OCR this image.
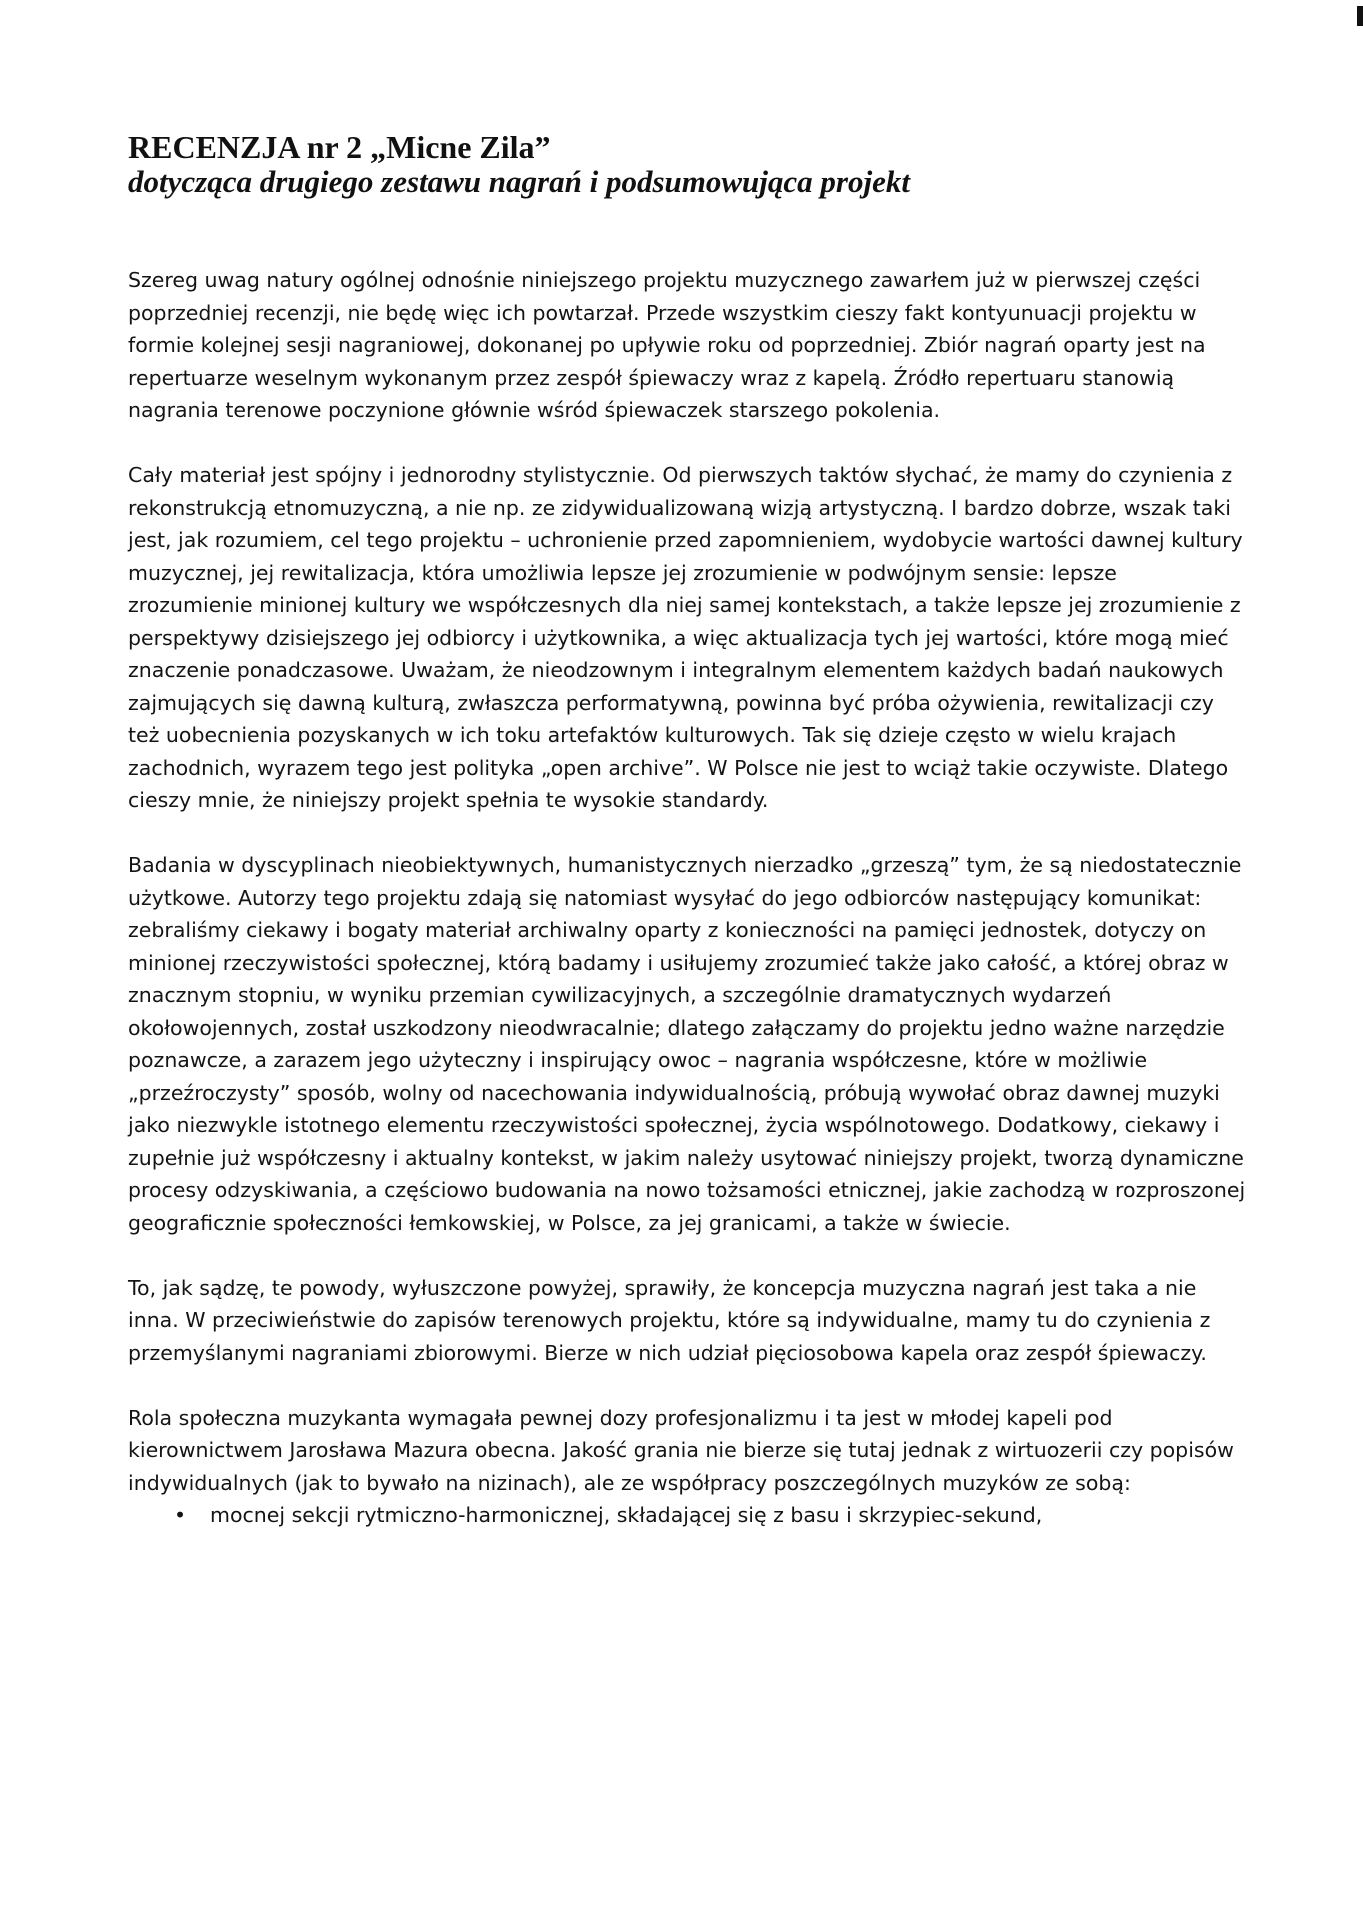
RECENZJA nr 2 „Micne Zila”
dotycząca drugiego zestawu nagrań i podsumowująca projekt

Szereg uwag natury ogólnej odnośnie niniejszego projektu muzycznego zawarłem już w pierwszej części poprzedniej recenzji, nie będę więc ich powtarzał. Przede wszystkim cieszy fakt kontyunuacji projektu w formie kolejnej sesji nagraniowej, dokonanej po upływie roku od poprzedniej. Zbiór nagrań oparty jest na repertuarze weselnym wykonanym przez zespół śpiewaczy wraz z kapelą. Źródło repertuaru stanowią nagrania terenowe poczynione głównie wśród śpiewaczek starszego pokolenia.

Cały materiał jest spójny i jednorodny stylistycznie. Od pierwszych taktów słychać, że mamy do czynienia z rekonstrukcją etnomuzyczną, a nie np. ze zidywidualizowaną wizją artystyczną. I bardzo dobrze, wszak taki jest, jak rozumiem, cel tego projektu – uchronienie przed zapomnieniem, wydobycie wartości dawnej kultury muzycznej, jej rewitalizacja, która umożliwia lepsze jej zrozumienie w podwójnym sensie: lepsze zrozumienie minionej kultury we współczesnych dla niej samej kontekstach, a także lepsze jej zrozumienie z perspektywy dzisiejszego jej odbiorcy i użytkownika, a więc aktualizacja tych jej wartości, które mogą mieć znaczenie ponadczasowe. Uważam, że nieodzownym i integralnym elementem każdych badań naukowych zajmujących się dawną kulturą, zwłaszcza performatywną, powinna być próba ożywienia, rewitalizacji czy też uobecnienia pozyskanych w ich toku artefaktów kulturowych. Tak się dzieje często w wielu krajach zachodnich, wyrazem tego jest polityka „open archive”. W Polsce nie jest to wciąż takie oczywiste. Dlatego cieszy mnie, że niniejszy projekt spełnia te wysokie standardy.

Badania w dyscyplinach nieobiektywnych, humanistycznych nierzadko „grzeszą” tym, że są niedostatecznie użytkowe. Autorzy tego projektu zdają się natomiast wysyłać do jego odbiorców następujący komunikat: zebraliśmy ciekawy i bogaty materiał archiwalny oparty z konieczności na pamięci jednostek, dotyczy on minionej rzeczywistości społecznej, którą badamy i usiłujemy zrozumieć także jako całość, a której obraz w znacznym stopniu, w wyniku przemian cywilizacyjnych, a szczególnie dramatycznych wydarzeń okołowojennych, został uszkodzony nieodwracalnie; dlatego załączamy do projektu jedno ważne narzędzie poznawcze, a zarazem jego użyteczny i inspirujący owoc – nagrania współczesne, które w możliwie „przeźroczysty” sposób, wolny od nacechowania indywidualnością, próbują wywołać obraz dawnej muzyki jako niezwykle istotnego elementu rzeczywistości społecznej, życia wspólnotowego. Dodatkowy, ciekawy i zupełnie już współczesny i aktualny kontekst, w jakim należy usytować niniejszy projekt, tworzą dynamiczne procesy odzyskiwania, a częściowo budowania na nowo tożsamości etnicznej, jakie zachodzą w rozproszonej geograficznie społeczności łemkowskiej, w Polsce, za jej granicami, a także w świecie.

To, jak sądzę, te powody, wyłuszczone powyżej, sprawiły, że koncepcja muzyczna nagrań jest taka a nie inna. W przeciwieństwie do zapisów terenowych projektu, które są indywidualne, mamy tu do czynienia z przemyślanymi nagraniami zbiorowymi. Bierze w nich udział pięciosobowa kapela oraz zespół śpiewaczy.

Rola społeczna muzykanta wymagała pewnej dozy profesjonalizmu i ta jest w młodej kapeli pod kierownictwem Jarosława Mazura obecna. Jakość grania nie bierze się tutaj jednak z wirtuozerii czy popisów indywidualnych (jak to bywało na nizinach), ale ze współpracy poszczególnych muzyków ze sobą:

• mocnej sekcji rytmiczno-harmonicznej, składającej się z basu i skrzypiec-sekund,
